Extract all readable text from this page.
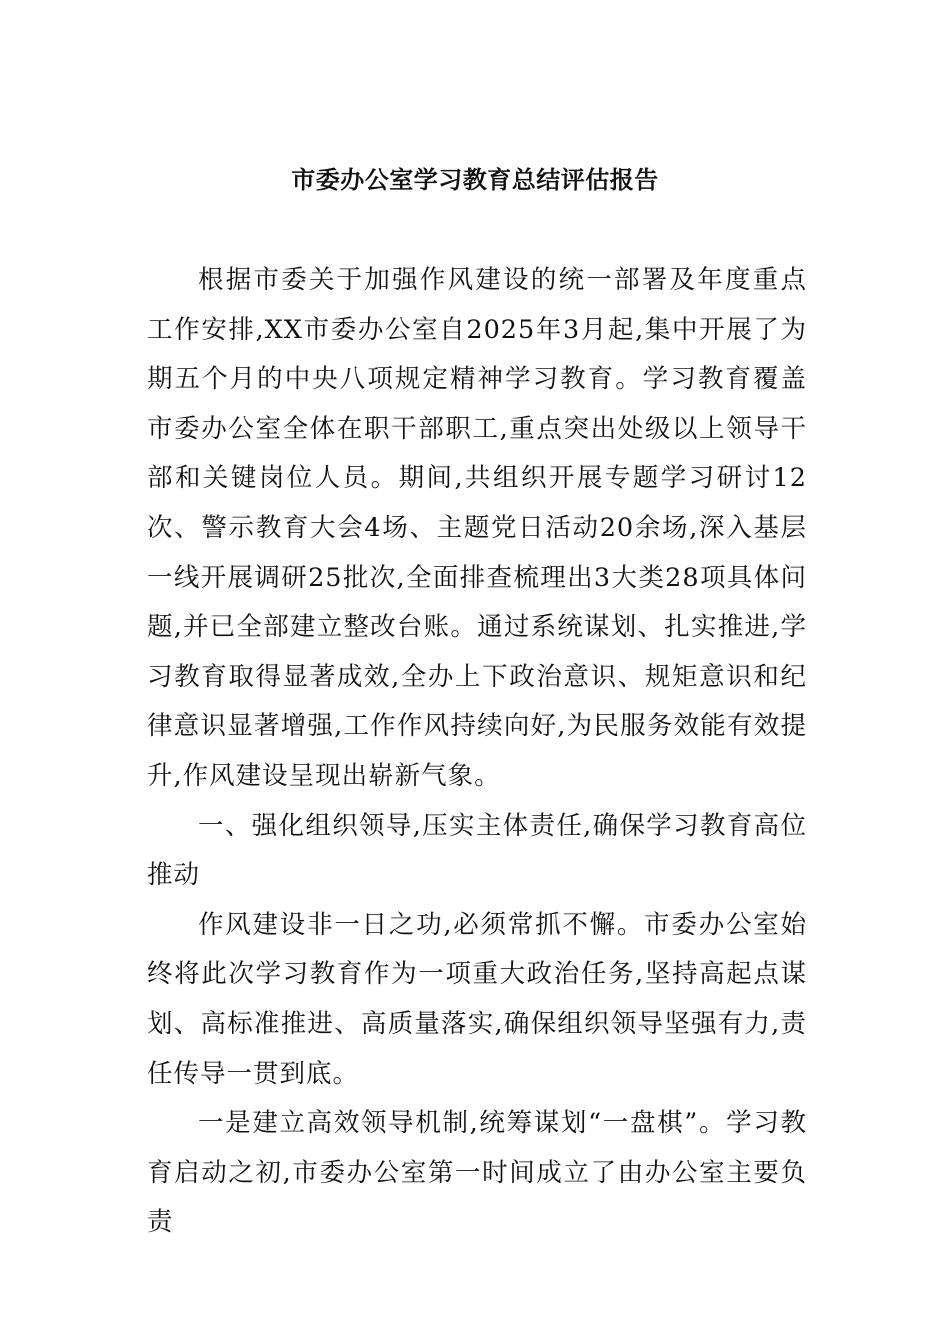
市委办公室学习教育总结评估报告

根据市委关于加强作风建设的统一部署及年度重点工作安排,XX市委办公室自2025年3月起,集中开展了为期五个月的中央八项规定精神学习教育。学习教育覆盖市委办公室全体在职干部职工,重点突出处级以上领导干部和关键岗位人员。期间,共组织开展专题学习研讨12次、警示教育大会4场、主题党日活动20余场,深入基层一线开展调研25批次,全面排查梳理出3大类28项具体问题,并已全部建立整改台账。通过系统谋划、扎实推进,学习教育取得显著成效,全办上下政治意识、规矩意识和纪律意识显著增强,工作作风持续向好,为民服务效能有效提升,作风建设呈现出崭新气象。

一、强化组织领导,压实主体责任,确保学习教育高位推动

作风建设非一日之功,必须常抓不懈。市委办公室始终将此次学习教育作为一项重大政治任务,坚持高起点谋划、高标准推进、高质量落实,确保组织领导坚强有力,责任传导一贯到底。

一是建立高效领导机制,统筹谋划“一盘棋”。学习教育启动之初,市委办公室第一时间成立了由办公室主要负责
